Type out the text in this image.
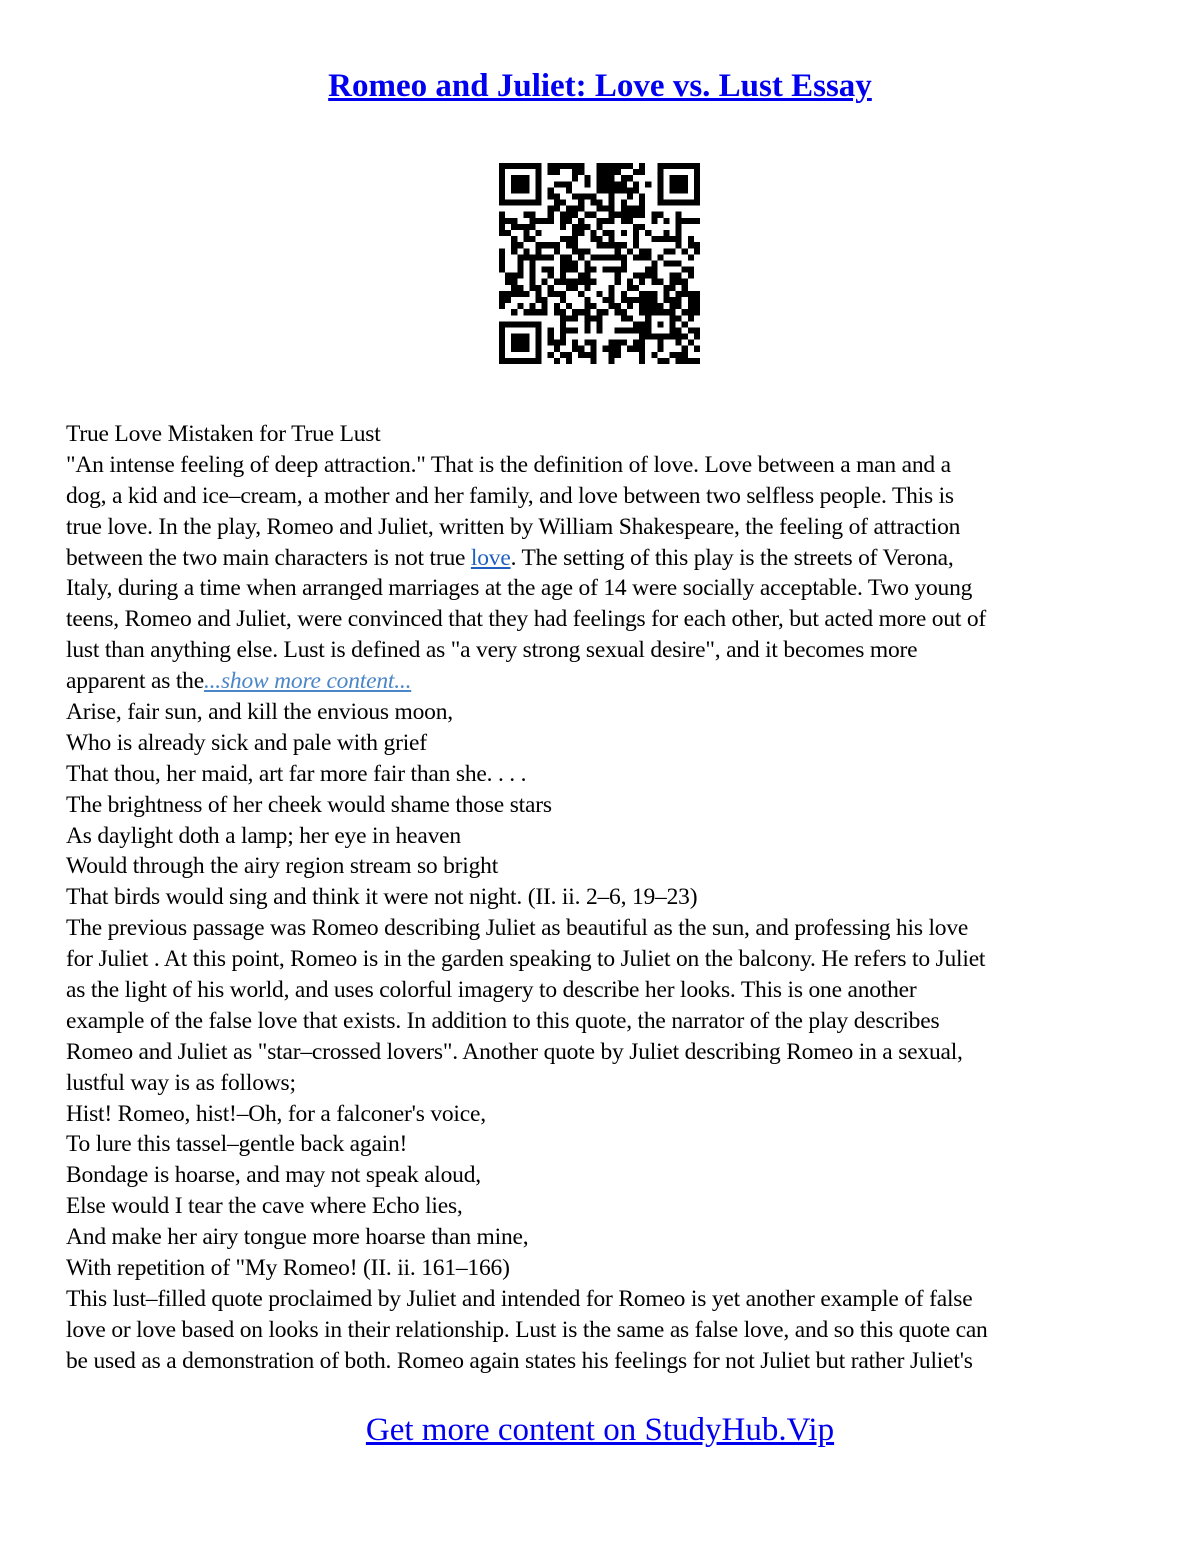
Romeo and Juliet: Love vs. Lust Essay
True Love Mistaken for True Lust
"An intense feeling of deep attraction." That is the definition of love. Love between a man and a
dog, a kid and ice–cream, a mother and her family, and love between two selfless people. This is
true love. In the play, Romeo and Juliet, written by William Shakespeare, the feeling of attraction
between the two main characters is not true love. The setting of this play is the streets of Verona,
Italy, during a time when arranged marriages at the age of 14 were socially acceptable. Two young
teens, Romeo and Juliet, were convinced that they had feelings for each other, but acted more out of
lust than anything else. Lust is defined as "a very strong sexual desire", and it becomes more
apparent as the...show more content...
Arise, fair sun, and kill the envious moon,
Who is already sick and pale with grief
That thou, her maid, art far more fair than she. . . .
The brightness of her cheek would shame those stars
As daylight doth a lamp; her eye in heaven
Would through the airy region stream so bright
That birds would sing and think it were not night. (II. ii. 2–6, 19–23)
The previous passage was Romeo describing Juliet as beautiful as the sun, and professing his love
for Juliet . At this point, Romeo is in the garden speaking to Juliet on the balcony. He refers to Juliet
as the light of his world, and uses colorful imagery to describe her looks. This is one another
example of the false love that exists. In addition to this quote, the narrator of the play describes
Romeo and Juliet as "star–crossed lovers". Another quote by Juliet describing Romeo in a sexual,
lustful way is as follows;
Hist! Romeo, hist!–Oh, for a falconer's voice,
To lure this tassel–gentle back again!
Bondage is hoarse, and may not speak aloud,
Else would I tear the cave where Echo lies,
And make her airy tongue more hoarse than mine,
With repetition of "My Romeo! (II. ii. 161–166)
This lust–filled quote proclaimed by Juliet and intended for Romeo is yet another example of false
love or love based on looks in their relationship. Lust is the same as false love, and so this quote can
be used as a demonstration of both. Romeo again states his feelings for not Juliet but rather Juliet's
Get more content on StudyHub.Vip
